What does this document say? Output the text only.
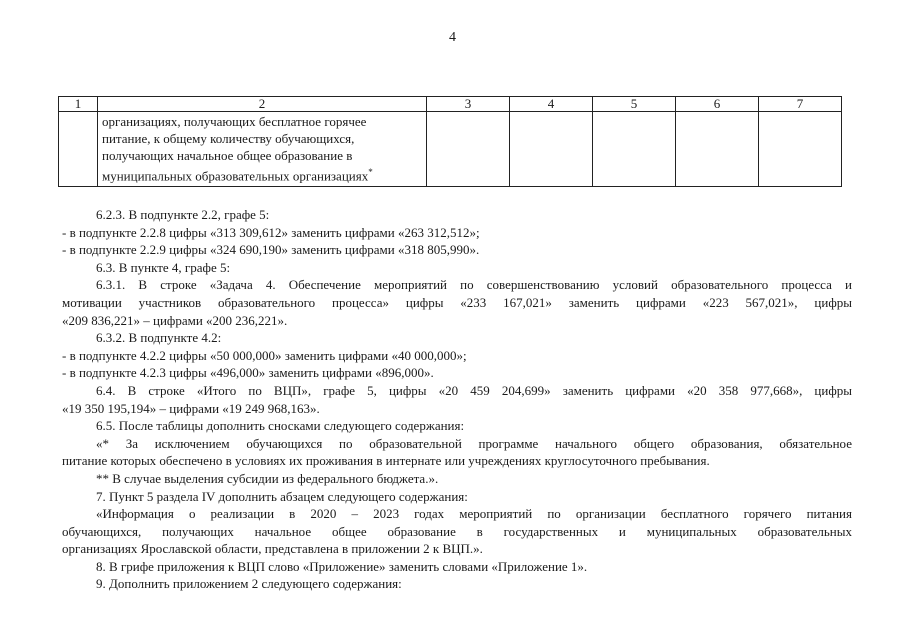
4
1	2	3	4	5	6	7

	организациях, получающих бесплатное горячее
питание, к общему количеству обучающихся,
получающих начальное общее образование в
муниципальных образовательных организациях*

6.2.3. В подпункте 2.2, графе 5:
- в подпункте 2.2.8 цифры «313 309,612» заменить цифрами «263 312,512»;
- в подпункте 2.2.9 цифры «324 690,190» заменить цифрами «318 805,990».
6.3. В пункте 4, графе 5:
6.3.1. В строке «Задача 4. Обеспечение мероприятий по совершенствованию условий образовательного процесса и
мотивации участников образовательного процесса» цифры «233 167,021» заменить цифрами «223 567,021», цифры
«209 836,221» – цифрами «200 236,221».
6.3.2. В подпункте 4.2:
- в подпункте 4.2.2 цифры «50 000,000» заменить цифрами «40 000,000»;
- в подпункте 4.2.3 цифры «496,000» заменить цифрами «896,000».
6.4. В строке «Итого по ВЦП», графе 5, цифры «20 459 204,699» заменить цифрами «20 358 977,668», цифры
«19 350 195,194» – цифрами «19 249 968,163».
6.5. После таблицы дополнить сносками следующего содержания:
«* За исключением обучающихся по образовательной программе начального общего образования, обязательное
питание которых обеспечено в условиях их проживания в интернате или учреждениях круглосуточного пребывания.
** В случае выделения субсидии из федерального бюджета.».
7. Пункт 5 раздела IV дополнить абзацем следующего содержания:
«Информация о реализации в 2020 – 2023 годах мероприятий по организации бесплатного горячего питания
обучающихся, получающих начальное общее образование в государственных и муниципальных образовательных
организациях Ярославской области, представлена в приложении 2 к ВЦП.».
8. В грифе приложения к ВЦП слово «Приложение» заменить словами «Приложение 1».
9. Дополнить приложением 2 следующего содержания:
